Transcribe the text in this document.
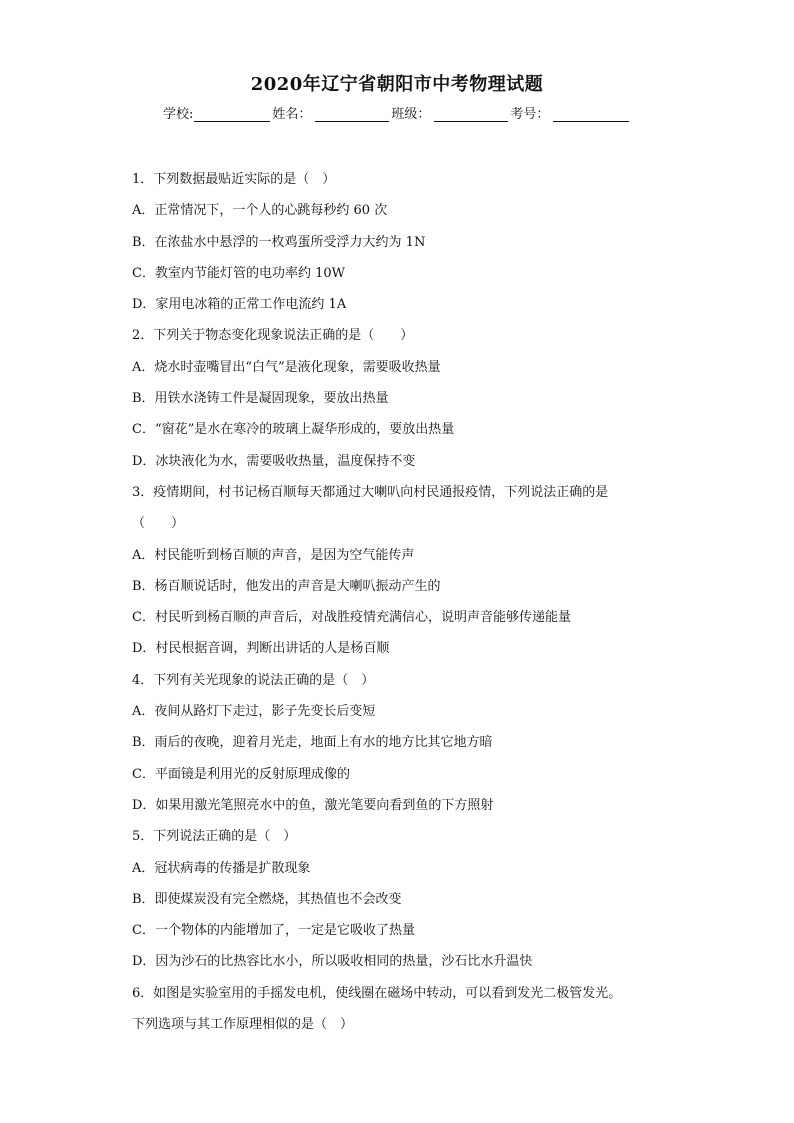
2020年辽宁省朝阳市中考物理试题
学校:	姓名：	班级：	考号：
1．下列数据最贴近实际的是（　）
A．正常情况下，一个人的心跳每秒约 60 次
B．在浓盐水中悬浮的一枚鸡蛋所受浮力大约为 1N
C．教室内节能灯管的电功率约 10W
D．家用电冰箱的正常工作电流约 1A
2．下列关于物态变化现象说法正确的是（　　）
A．烧水时壶嘴冒出“白气”是液化现象，需要吸收热量
B．用铁水浇铸工件是凝固现象，要放出热量
C．“窗花”是水在寒冷的玻璃上凝华形成的，要放出热量
D．冰块液化为水，需要吸收热量，温度保持不变
3．疫情期间，村书记杨百顺每天都通过大喇叭向村民通报疫情，下列说法正确的是
（　　）
A．村民能听到杨百顺的声音，是因为空气能传声
B．杨百顺说话时，他发出的声音是大喇叭振动产生的
C．村民听到杨百顺的声音后，对战胜疫情充满信心，说明声音能够传递能量
D．村民根据音调，判断出讲话的人是杨百顺
4．下列有关光现象的说法正确的是（　）
A．夜间从路灯下走过，影子先变长后变短
B．雨后的夜晚，迎着月光走，地面上有水的地方比其它地方暗
C．平面镜是利用光的反射原理成像的
D．如果用激光笔照亮水中的鱼，激光笔要向看到鱼的下方照射
5．下列说法正确的是（　）
A．冠状病毒的传播是扩散现象
B．即使煤炭没有完全燃烧，其热值也不会改变
C．一个物体的内能增加了，一定是它吸收了热量
D．因为沙石的比热容比水小，所以吸收相同的热量，沙石比水升温快
6．如图是实验室用的手摇发电机，使线圈在磁场中转动，可以看到发光二极管发光。
下列选项与其工作原理相似的是（　）
